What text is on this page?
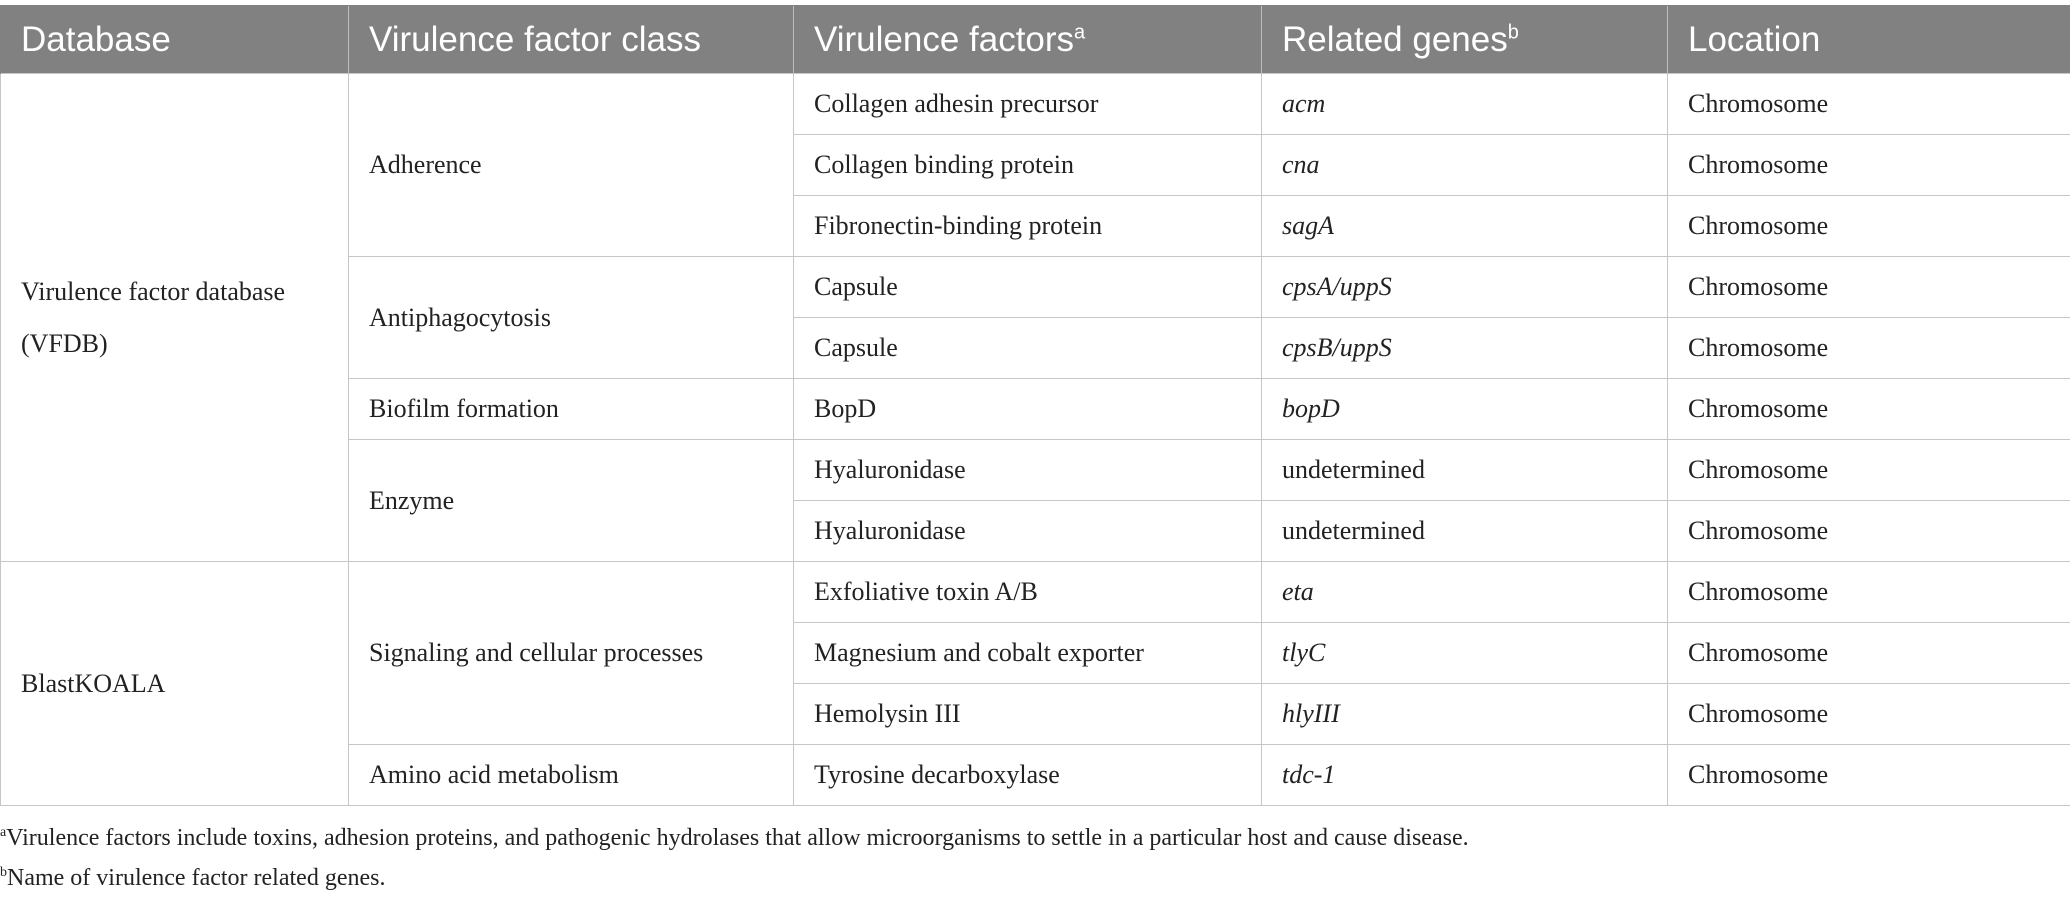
Database	Virulence factor class	Virulence factors$^a$	Related genes$^b$	Location
Virulence factor database (VFDB)	Adherence	Collagen adhesin precursor	acm	Chromosome
		Collagen binding protein	cna	Chromosome
		Fibronectin-binding protein	sagA	Chromosome
	Antiphagocytosis	Capsule	cpsA/uppS	Chromosome
		Capsule	cpsB/uppS	Chromosome
	Biofilm formation	BopD	bopD	Chromosome
	Enzyme	Hyaluronidase	undetermined	Chromosome
		Hyaluronidase	undetermined	Chromosome
BlastKOALA	Signaling and cellular processes	Exfoliative toxin A/B	eta	Chromosome
		Magnesium and cobalt exporter	tlyC	Chromosome
		Hemolysin III	hlyIII	Chromosome
	Amino acid metabolism	Tyrosine decarboxylase	tdc-1	Chromosome
$^a$Virulence factors include toxins, adhesion proteins, and pathogenic hydrolases that allow microorganisms to settle in a particular host and cause disease.
$^b$Name of virulence factor related genes.
